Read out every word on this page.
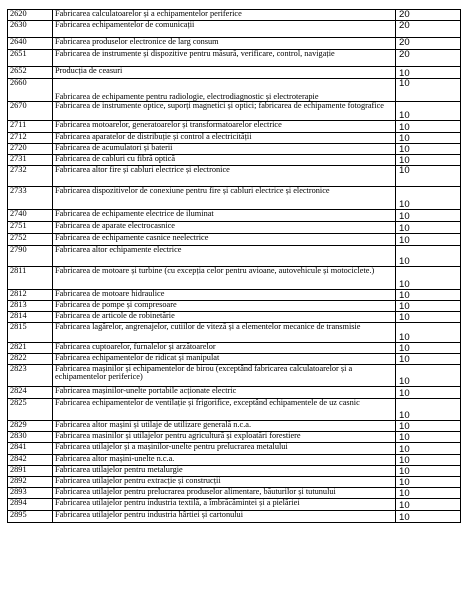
2620	Fabricarea calculatoarelor și a echipamentelor periferice	20
2630	Fabricarea echipamentelor de comunicații	20
2640	Fabricarea produselor electronice de larg consum	20
2651	Fabricarea de instrumente și dispozitive pentru măsură, verificare, control, navigație	20
2652	Producția de ceasuri	10
2660	Fabricarea de echipamente pentru radiologie, electrodiagnostic și electroterapie	10
2670	Fabricarea de instrumente optice, suporți magnetici și optici; fabricarea de echipamente fotografice	10
2711	Fabricarea motoarelor, generatoarelor și transformatoarelor electrice	10
2712	Fabricarea aparatelor de distribuție și control a electricității	10
2720	Fabricarea de acumulatori și baterii	10
2731	Fabricarea de cabluri cu fibră optică	10
2732	Fabricarea altor fire și cabluri electrice și electronice	10
2733	Fabricarea dispozitivelor de conexiune pentru fire și cabluri electrice și electronice	10
2740	Fabricarea de echipamente electrice de iluminat	10
2751	Fabricarea de aparate electrocasnice	10
2752	Fabricarea de echipamente casnice neelectrice	10
2790	Fabricarea altor echipamente electrice	10
2811	Fabricarea de motoare și turbine (cu excepția celor pentru avioane, autovehicule și motociclete.)	10
2812	Fabricarea de motoare hidraulice	10
2813	Fabricarea de pompe și compresoare	10
2814	Fabricarea de articole de robinetărie	10
2815	Fabricarea lagărelor, angrenajelor, cutiilor de viteză și a elementelor mecanice de transmisie	10
2821	Fabricarea cuptoarelor, furnalelor și arzătoarelor	10
2822	Fabricarea echipamentelor de ridicat și manipulat	10
2823	Fabricarea mașinilor și echipamentelor de birou (exceptând fabricarea calculatoarelor și a echipamentelor periferice)	10
2824	Fabricarea mașinilor-unelte portabile acționate electric	10
2825	Fabricarea echipamentelor de ventilație și frigorifice, exceptând echipamentele de uz casnic	10
2829	Fabricarea altor mașini și utilaje de utilizare generală n.c.a.	10
2830	Fabricarea masinilor și utilajelor pentru agricultură și exploatări forestiere	10
2841	Fabricarea utilajelor și a mașinilor-unelte pentru prelucrarea metalului	10
2842	Fabricarea altor mașini-unelte n.c.a.	10
2891	Fabricarea utilajelor pentru metalurgie	10
2892	Fabricarea utilajelor pentru extracție și construcții	10
2893	Fabricarea utilajelor pentru prelucrarea produselor alimentare, băuturilor și tutunului	10
2894	Fabricarea utilajelor pentru industria textilă, a îmbrăcămintei și a pielăriei	10
2895	Fabricarea utilajelor pentru industria hârtiei și cartonului	10
